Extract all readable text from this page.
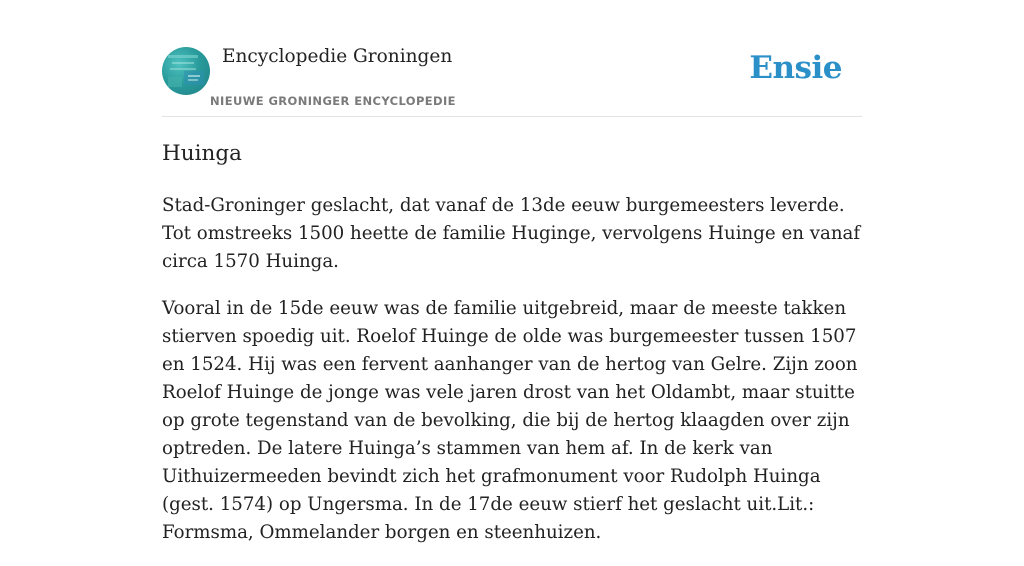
Encyclopedie Groningen
NIEUWE GRONINGER ENCYCLOPEDIE
Ensie
Huinga

Stad-Groninger geslacht, dat vanaf de 13de eeuw burgemeesters leverde. Tot omstreeks 1500 heette de familie Huginge, vervolgens Huinge en vanaf circa 1570 Huinga.

Vooral in de 15de eeuw was de familie uitgebreid, maar de meeste takken stierven spoedig uit. Roelof Huinge de olde was burgemeester tussen 1507 en 1524. Hij was een fervent aanhanger van de hertog van Gelre. Zijn zoon Roelof Huinge de jonge was vele jaren drost van het Oldambt, maar stuitte op grote tegenstand van de bevolking, die bij de hertog klaagden over zijn optreden. De latere Huinga’s stammen van hem af. In de kerk van Uithuizermeeden bevindt zich het grafmonument voor Rudolph Huinga (gest. 1574) op Ungersma. In de 17de eeuw stierf het geslacht uit.Lit.: Formsma, Ommelander borgen en steenhuizen.
